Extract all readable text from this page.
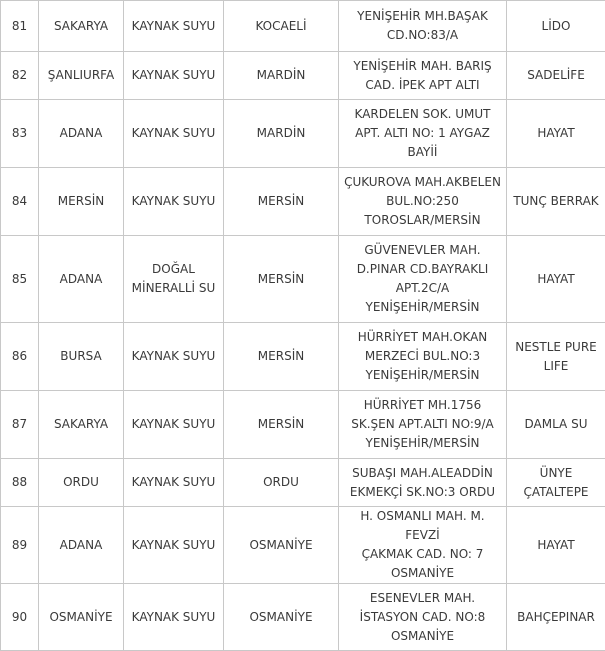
81	SAKARYA	KAYNAK SUYU	KOCAELİ	YENİŞEHİR MH.BAŞAK
CD.NO:83/A	LİDO
82	ŞANLIURFA	KAYNAK SUYU	MARDİN	YENİŞEHİR MAH. BARIŞ
CAD. İPEK APT ALTI	SADELİFE
83	ADANA	KAYNAK SUYU	MARDİN	KARDELEN SOK. UMUT
APT. ALTI NO: 1 AYGAZ
BAYİİ	HAYAT
84	MERSİN	KAYNAK SUYU	MERSİN	ÇUKUROVA MAH.AKBELEN
BUL.NO:250
TOROSLAR/MERSİN	TUNÇ BERRAK
85	ADANA	DOĞAL MİNERALLİ SU	MERSİN	GÜVENEVLER MAH.
D.PINAR CD.BAYRAKLI
APT.2C/A
YENİŞEHİR/MERSİN	HAYAT
86	BURSA	KAYNAK SUYU	MERSİN	HÜRRİYET MAH.OKAN
MERZECİ BUL.NO:3
YENİŞEHİR/MERSİN	NESTLE PURE LIFE
87	SAKARYA	KAYNAK SUYU	MERSİN	HÜRRİYET MH.1756
SK.ŞEN APT.ALTI NO:9/A
YENİŞEHİR/MERSİN	DAMLA SU
88	ORDU	KAYNAK SUYU	ORDU	SUBAŞI MAH.ALEADDİN
EKMEKÇİ SK.NO:3 ORDU	ÜNYE ÇATALTEPE
89	ADANA	KAYNAK SUYU	OSMANİYE	H. OSMANLI MAH. M. FEVZİ
ÇAKMAK CAD. NO: 7
OSMANİYE	HAYAT
90	OSMANİYE	KAYNAK SUYU	OSMANİYE	ESENEVLER MAH.
İSTASYON CAD. NO:8
OSMANİYE	BAHÇEPINAR
